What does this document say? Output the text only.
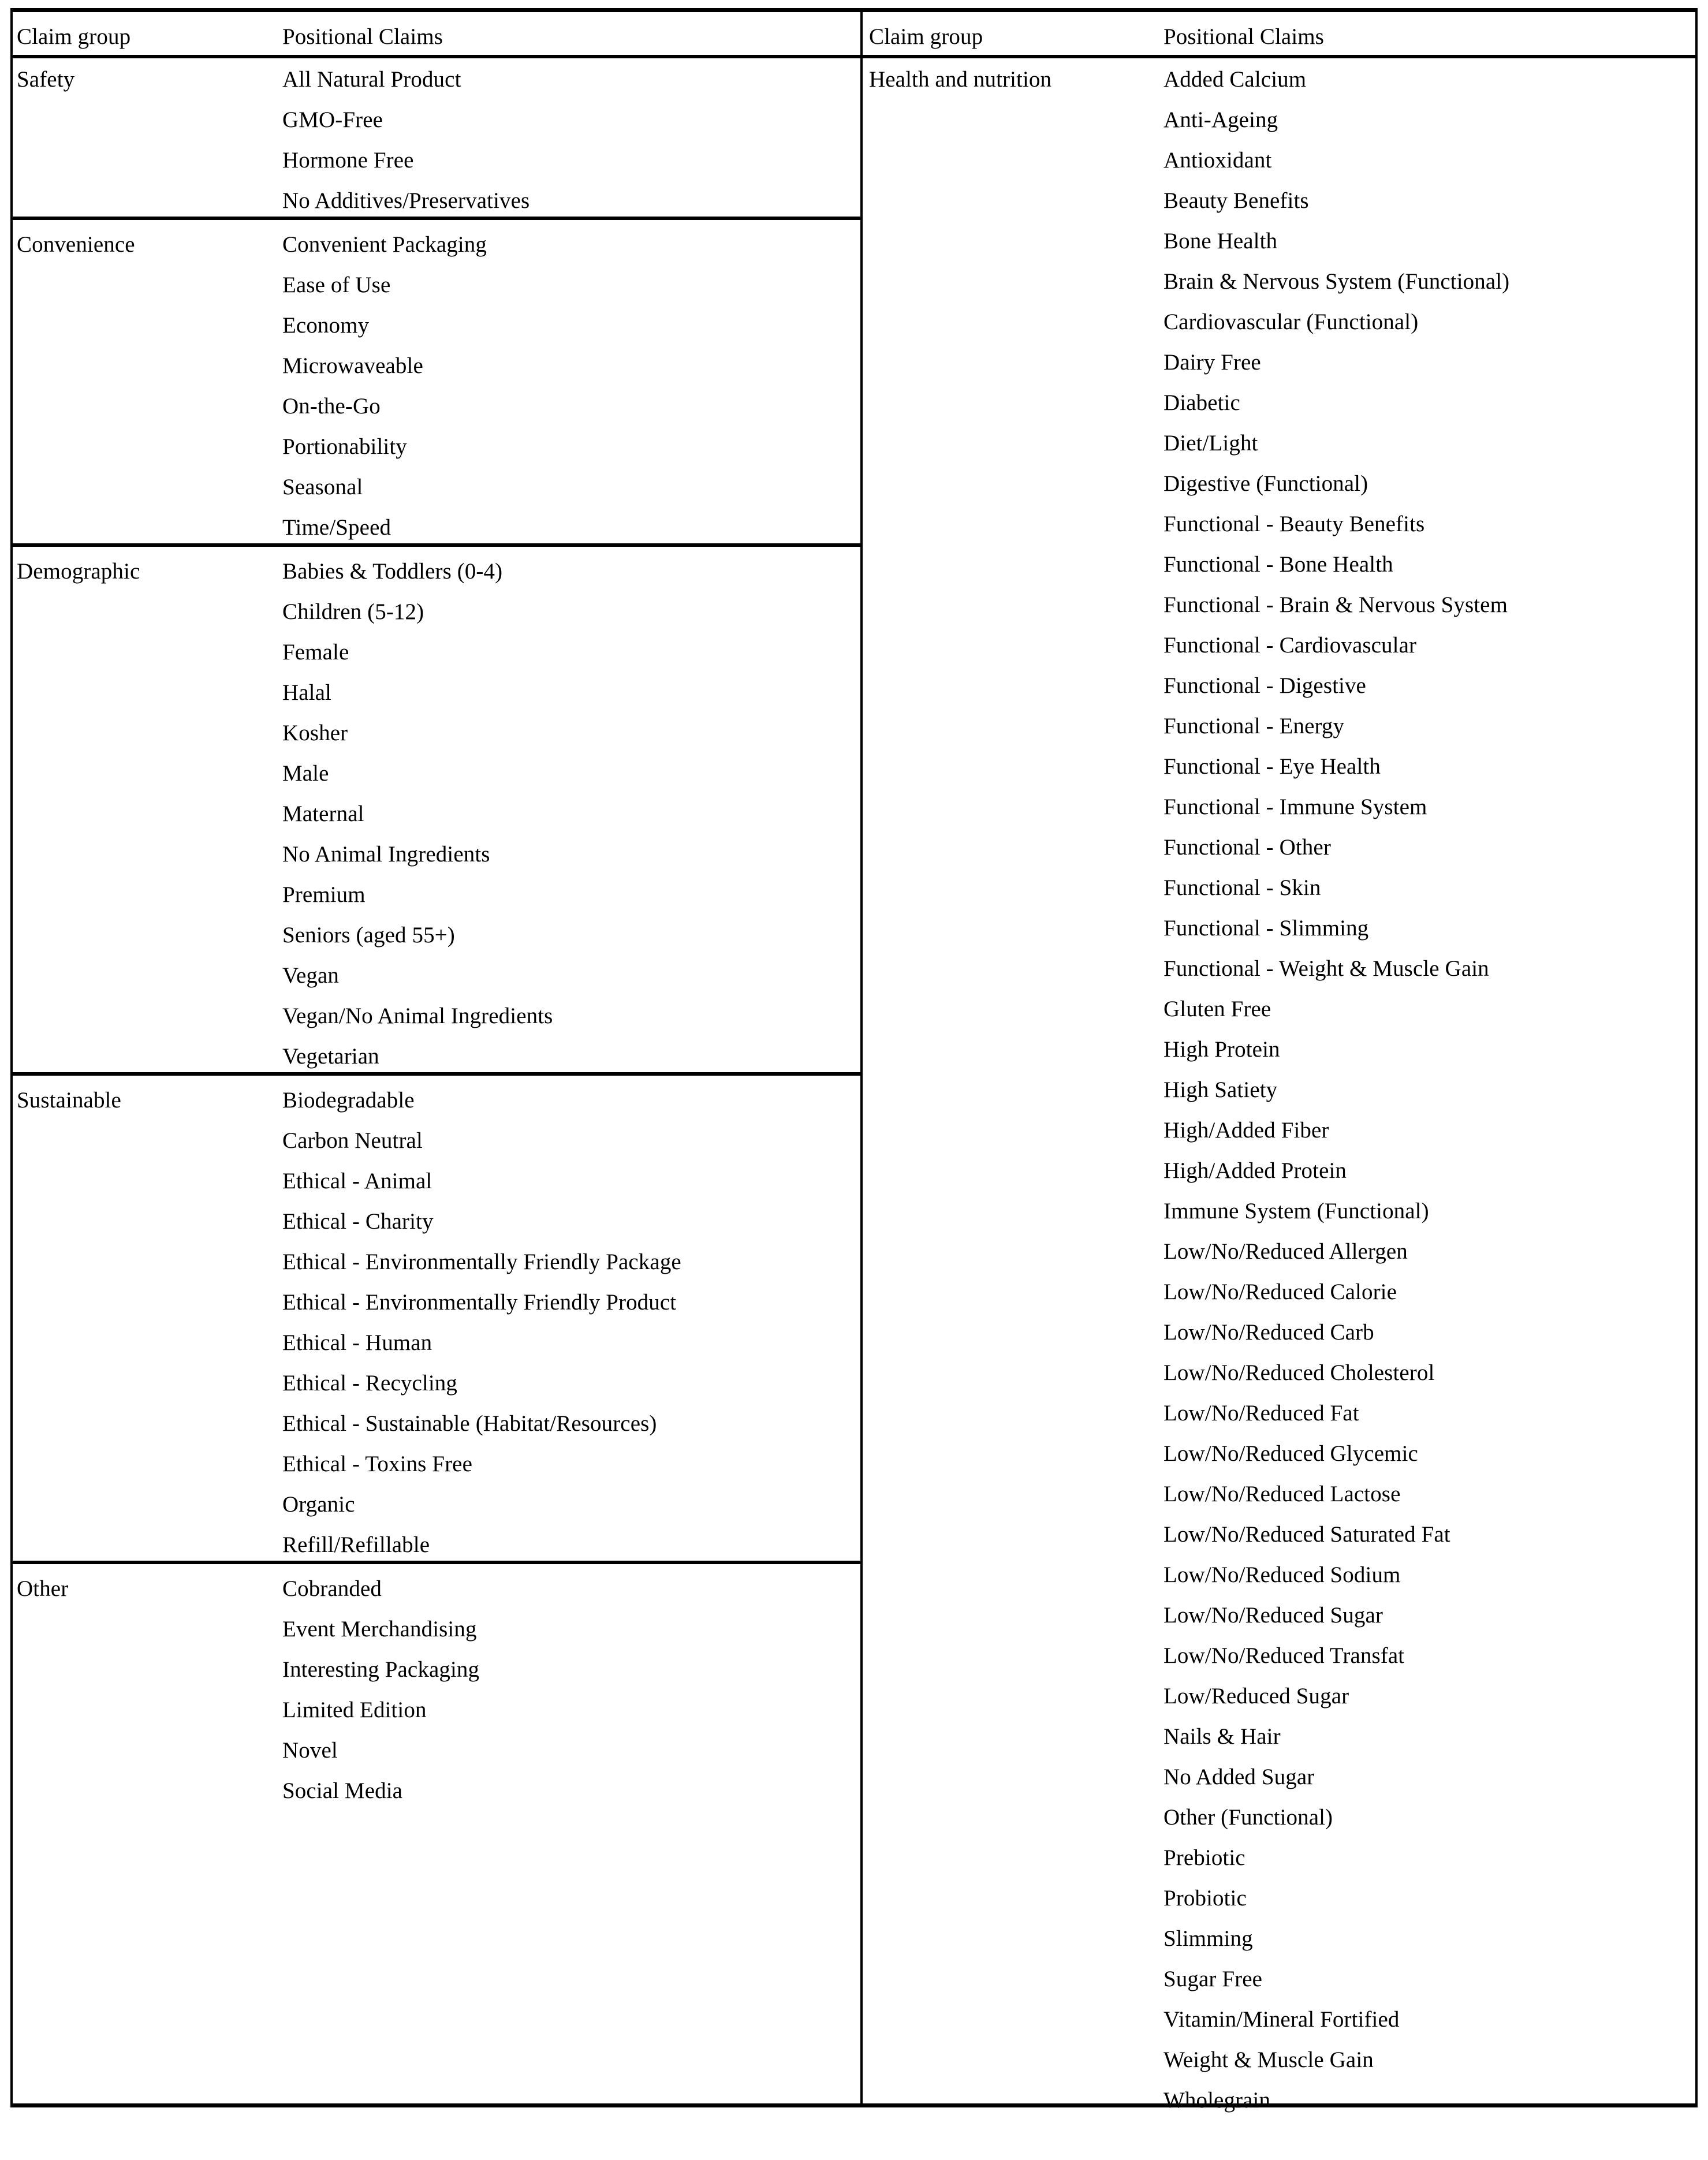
Claim group	Positional Claims
Safety	All Natural Product
GMO-Free
Hormone Free
No Additives/Preservatives
Convenience	Convenient Packaging
Ease of Use
Economy
Microwaveable
On-the-Go
Portionability
Seasonal
Time/Speed
Demographic	Babies & Toddlers (0-4)
Children (5-12)
Female
Halal
Kosher
Male
Maternal
No Animal Ingredients
Premium
Seniors (aged 55+)
Vegan
Vegan/No Animal Ingredients
Vegetarian
Sustainable	Biodegradable
Carbon Neutral
Ethical - Animal
Ethical - Charity
Ethical - Environmentally Friendly Package
Ethical - Environmentally Friendly Product
Ethical - Human
Ethical - Recycling
Ethical - Sustainable (Habitat/Resources)
Ethical - Toxins Free
Organic
Refill/Refillable
Other	Cobranded
Event Merchandising
Interesting Packaging
Limited Edition
Novel
Social Media
Claim group	Positional Claims
Health and nutrition	Added Calcium
Anti-Ageing
Antioxidant
Beauty Benefits
Bone Health
Brain & Nervous System (Functional)
Cardiovascular (Functional)
Dairy Free
Diabetic
Diet/Light
Digestive (Functional)
Functional - Beauty Benefits
Functional - Bone Health
Functional - Brain & Nervous System
Functional - Cardiovascular
Functional - Digestive
Functional - Energy
Functional - Eye Health
Functional - Immune System
Functional - Other
Functional - Skin
Functional - Slimming
Functional - Weight & Muscle Gain
Gluten Free
High Protein
High Satiety
High/Added Fiber
High/Added Protein
Immune System (Functional)
Low/No/Reduced Allergen
Low/No/Reduced Calorie
Low/No/Reduced Carb
Low/No/Reduced Cholesterol
Low/No/Reduced Fat
Low/No/Reduced Glycemic
Low/No/Reduced Lactose
Low/No/Reduced Saturated Fat
Low/No/Reduced Sodium
Low/No/Reduced Sugar
Low/No/Reduced Transfat
Low/Reduced Sugar
Nails & Hair
No Added Sugar
Other (Functional)
Prebiotic
Probiotic
Slimming
Sugar Free
Vitamin/Mineral Fortified
Weight & Muscle Gain
Wholegrain
